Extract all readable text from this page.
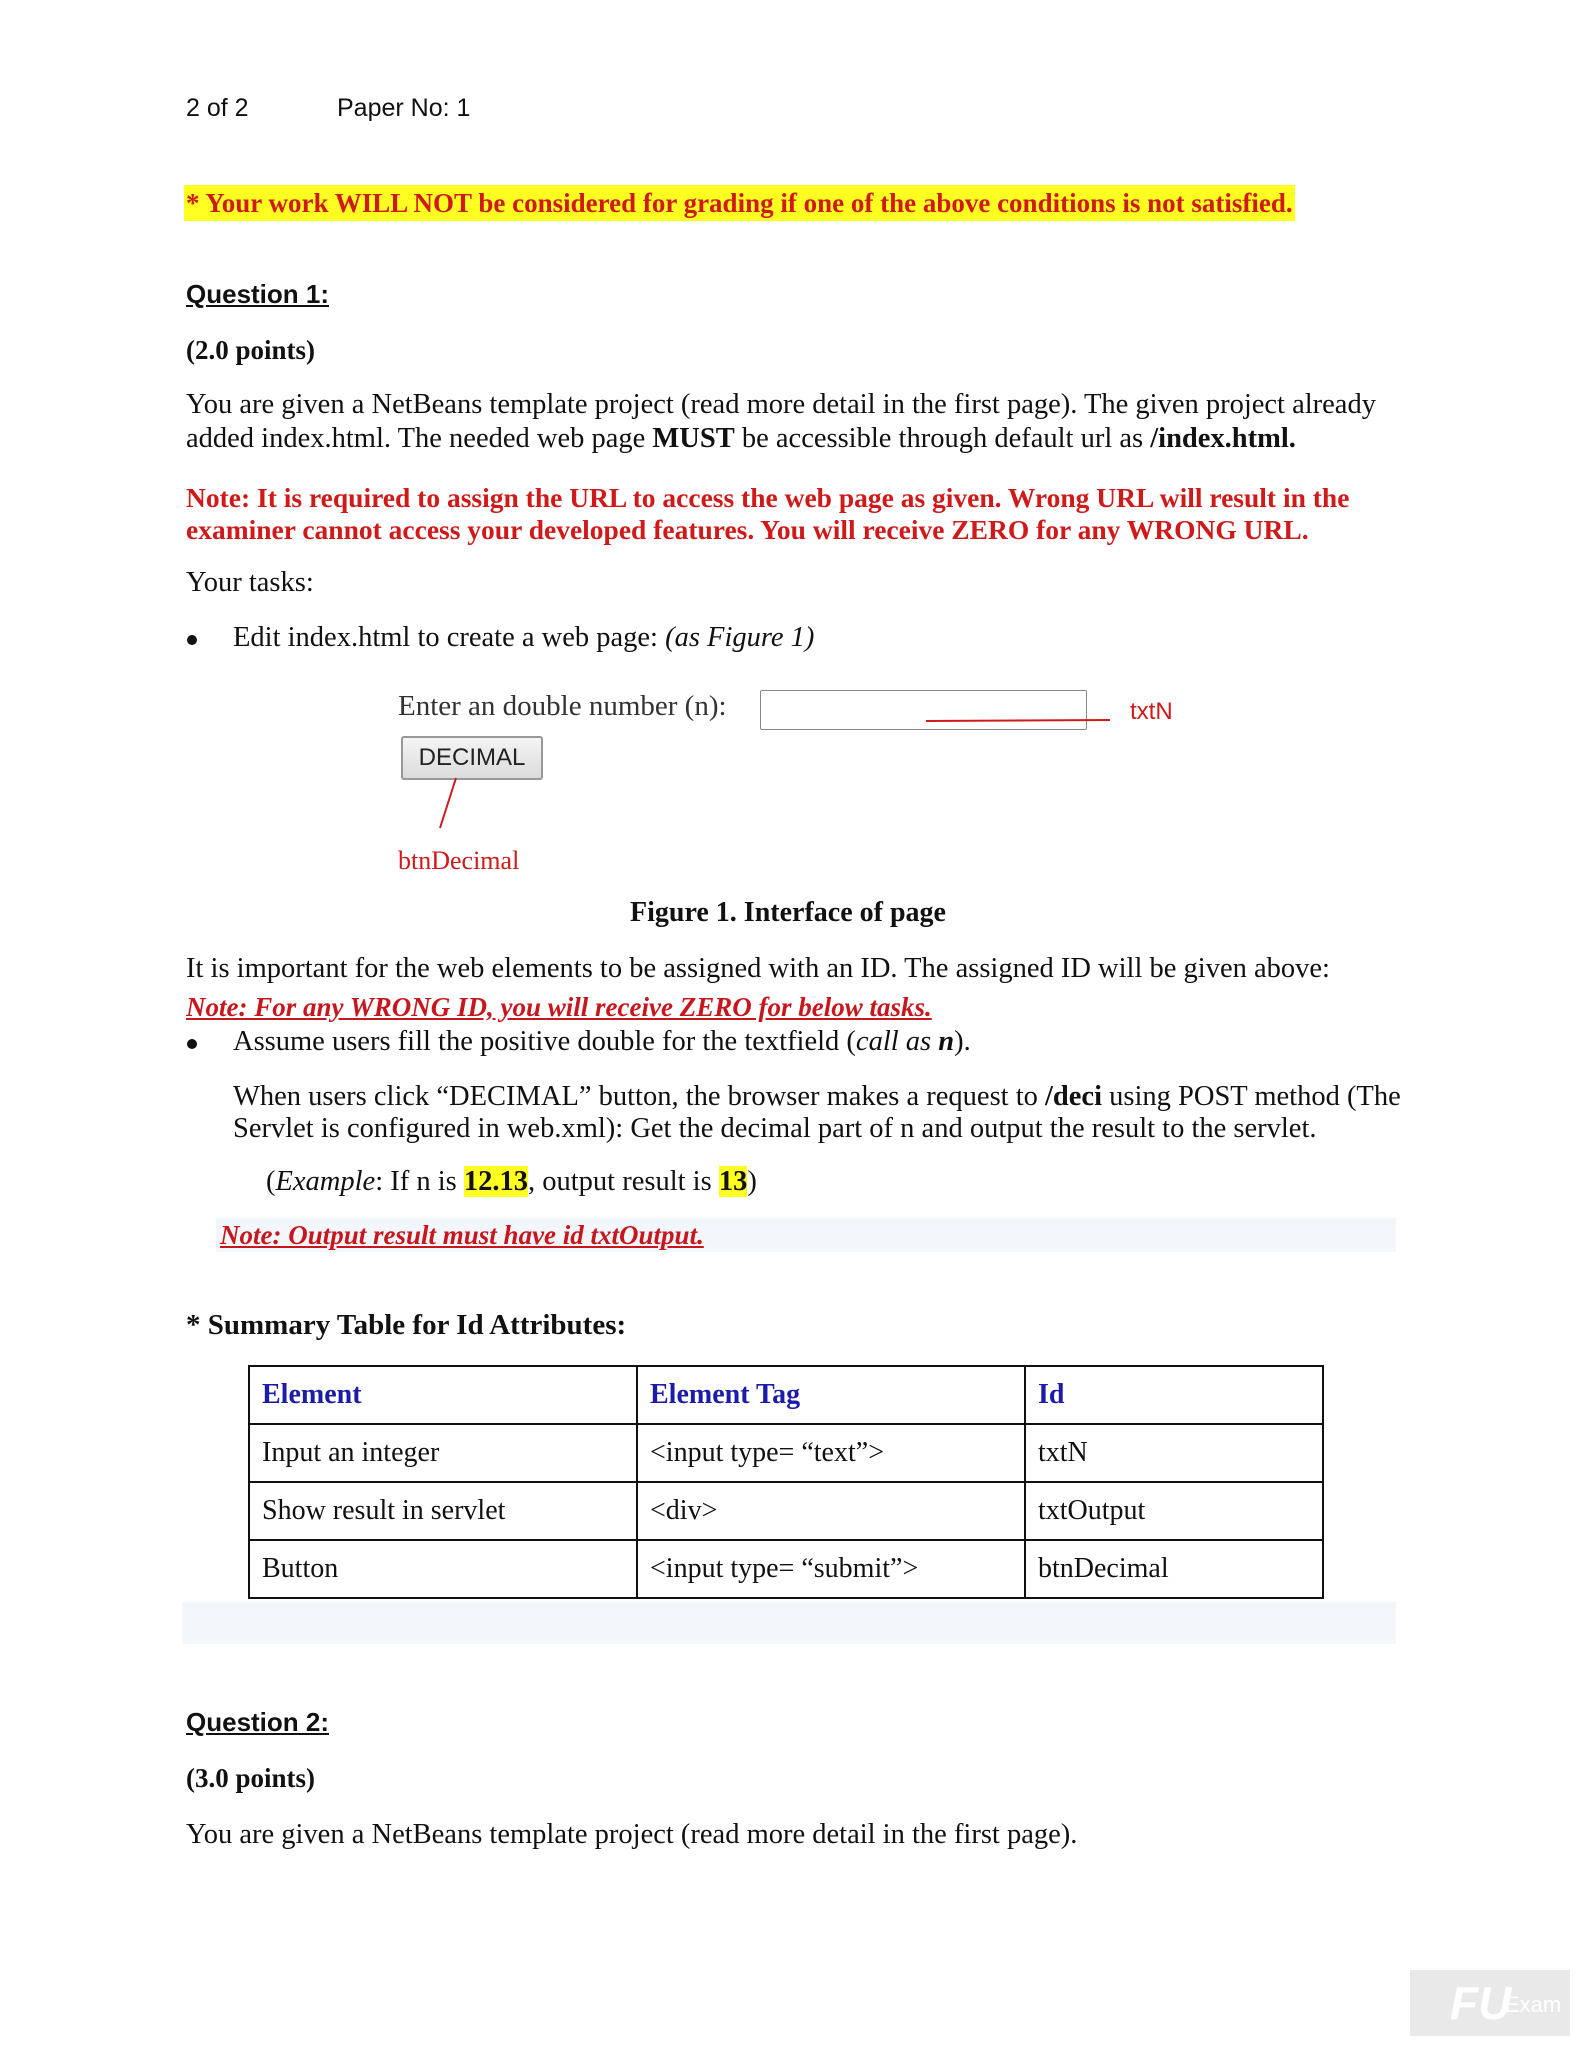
2 of 2	Paper No: 1
* Your work WILL NOT be considered for grading if one of the above conditions is not satisfied.
Question 1:
(2.0 points)
You are given a NetBeans template project (read more detail in the first page). The given project already
added index.html. The needed web page MUST be accessible through default url as /index.html.
Note: It is required to assign the URL to access the web page as given. Wrong URL will result in the
examiner cannot access your developed features. You will receive ZERO for any WRONG URL.
Your tasks:
Edit index.html to create a web page: (as Figure 1)
Enter an double number (n):
DECIMAL
txtN
btnDecimal
Figure 1. Interface of page
It is important for the web elements to be assigned with an ID. The assigned ID will be given above:
Note: For any WRONG ID, you will receive ZERO for below tasks.
Assume users fill the positive double for the textfield (call as n).
When users click “DECIMAL” button, the browser makes a request to /deci using POST method (The
Servlet is configured in web.xml): Get the decimal part of n and output the result to the servlet.
(Example: If n is 12.13, output result is 13)
Note: Output result must have id txtOutput.
* Summary Table for Id Attributes:
Element	Element Tag	Id
Input an integer	<input type= “text”>	txtN
Show result in servlet	<div>	txtOutput
Button	<input type= “submit”>	btnDecimal
Question 2:
(3.0 points)
You are given a NetBeans template project (read more detail in the first page).
FU
Exam
